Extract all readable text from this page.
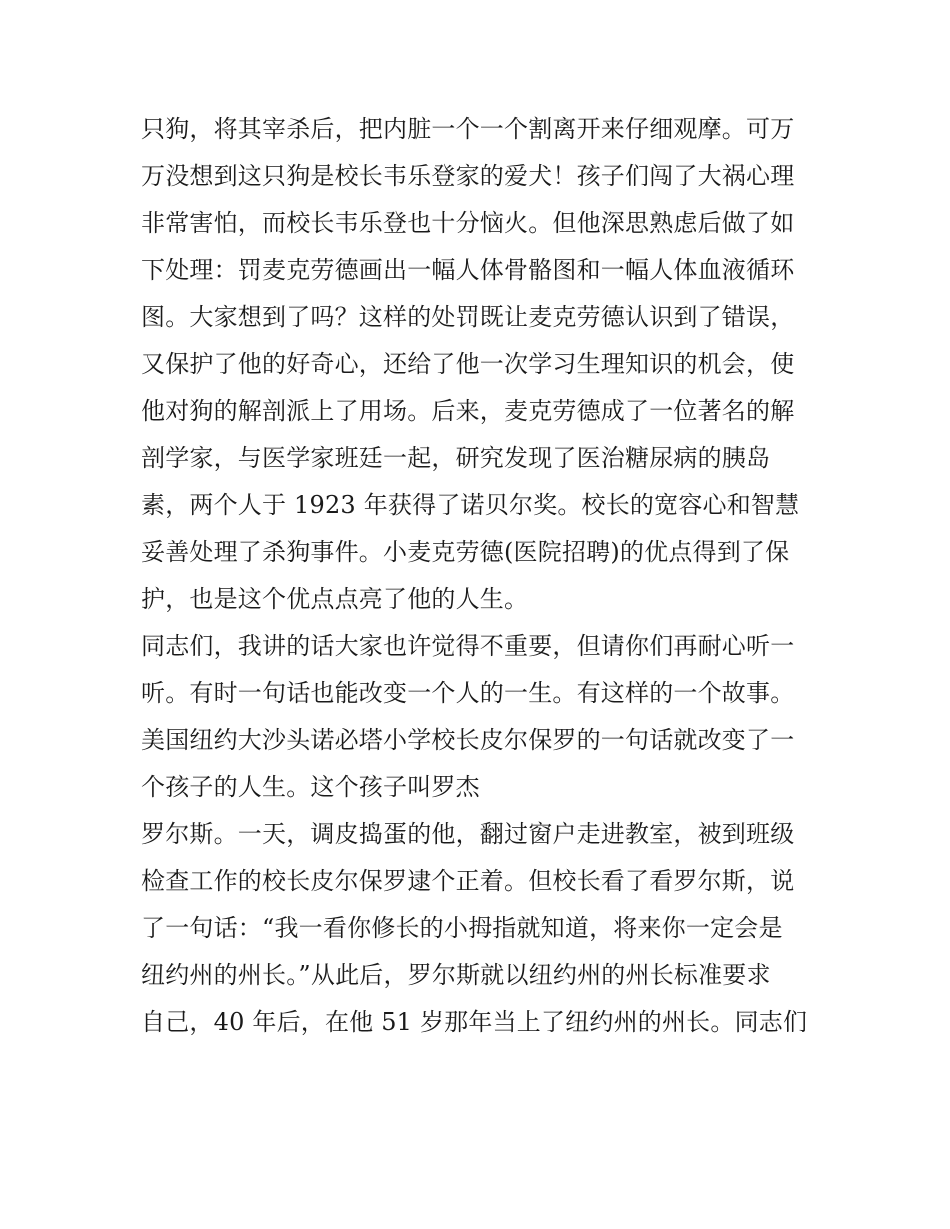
只狗，将其宰杀后，把内脏一个一个割离开来仔细观摩。可万
万没想到这只狗是校长韦乐登家的爱犬！孩子们闯了大祸心理
非常害怕，而校长韦乐登也十分恼火。但他深思熟虑后做了如
下处理：罚麦克劳德画出一幅人体骨骼图和一幅人体血液循环
图。大家想到了吗？这样的处罚既让麦克劳德认识到了错误，
又保护了他的好奇心，还给了他一次学习生理知识的机会，使
他对狗的解剖派上了用场。后来，麦克劳德成了一位著名的解
剖学家，与医学家班廷一起，研究发现了医治糖尿病的胰岛
素，两个人于 1923 年获得了诺贝尔奖。校长的宽容心和智慧
妥善处理了杀狗事件。小麦克劳德(医院招聘)的优点得到了保
护，也是这个优点点亮了他的人生。
同志们，我讲的话大家也许觉得不重要，但请你们再耐心听一
听。有时一句话也能改变一个人的一生。有这样的一个故事。
美国纽约大沙头诺必塔小学校长皮尔保罗的一句话就改变了一
个孩子的人生。这个孩子叫罗杰
罗尔斯。一天，调皮捣蛋的他，翻过窗户走进教室，被到班级
检查工作的校长皮尔保罗逮个正着。但校长看了看罗尔斯，说
了一句话：“我一看你修长的小拇指就知道，将来你一定会是
纽约州的州长。”从此后，罗尔斯就以纽约州的州长标准要求
自己，40 年后，在他 51 岁那年当上了纽约州的州长。同志们
